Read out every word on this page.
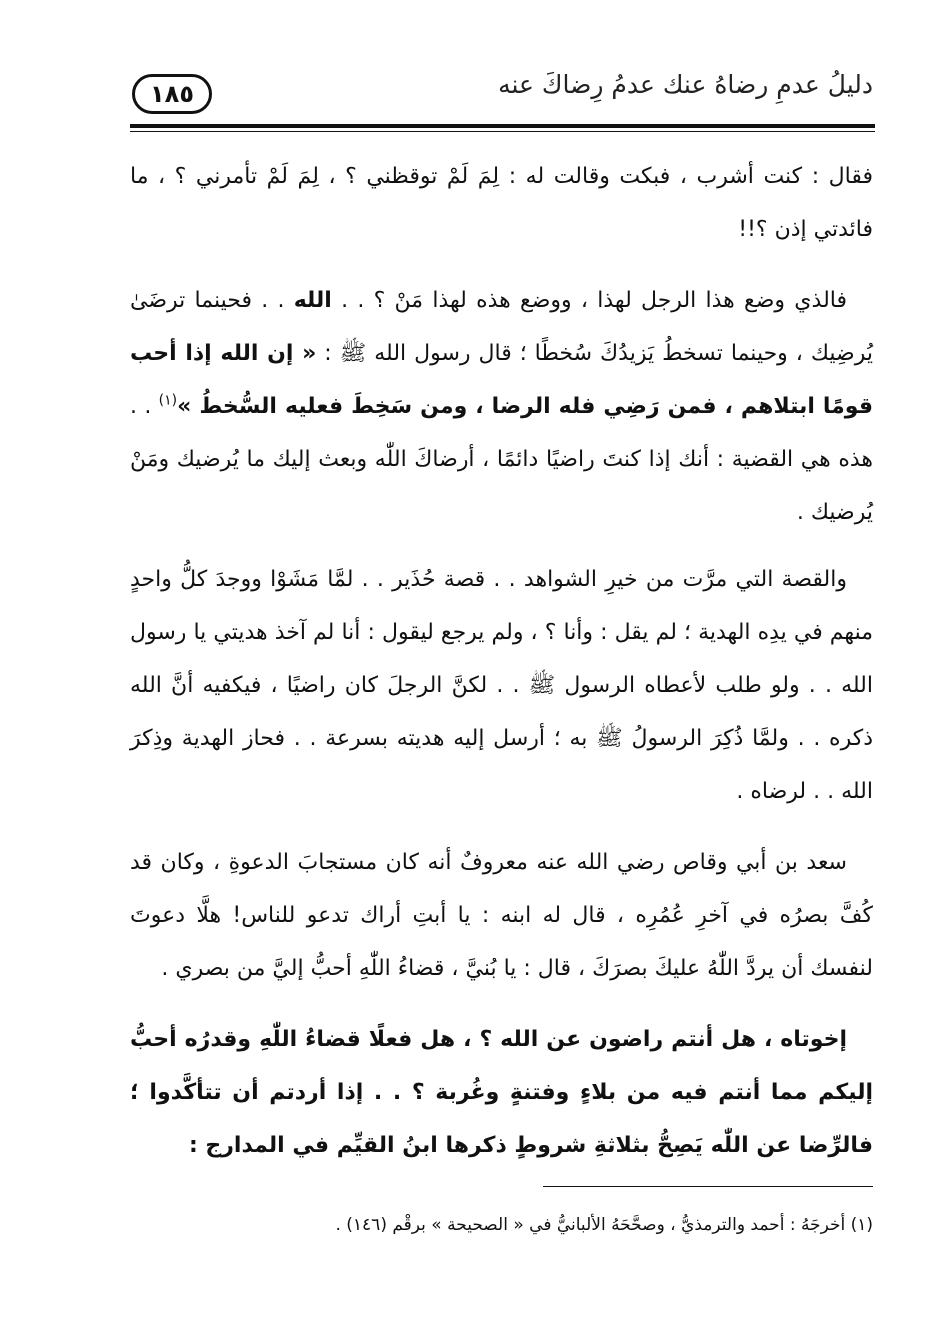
دليلُ عدمِ رضاهُ عنك عدمُ رِضاكَ عنه
١٨٥

فقال : كنت أشرب ، فبكت وقالت له : لِمَ لَمْ توقظني ؟ ، لِمَ لَمْ تأمرني ؟ ، ما فائدتي إذن ؟!!

فالذي وضع هذا الرجل لهذا ، ووضع هذه لهذا مَنْ ؟ . . الله . . فحينما ترضَىٰ يُرضِيك ، وحينما تسخطُ يَزيدُكَ سُخطًا ؛ قال رسول الله ﷺ : « إن الله إذا أحب قومًا ابتلاهم ، فمن رَضِي فله الرضا ، ومن سَخِطَ فعليه السُّخطُ »$^{(١)}$ . . هذه هي القضية : أنك إذا كنتَ راضيًا دائمًا ، أرضاكَ اللّٰه وبعث إليك ما يُرضيك ومَنْ يُرضيك .

والقصة التي مرَّت من خيرِ الشواهد . . قصة حُذَير . . لمَّا مَشَوْا ووجدَ كلُّ واحدٍ منهم في يدِه الهدية ؛ لم يقل : وأنا ؟ ، ولم يرجع ليقول : أنا لم آخذ هديتي يا رسول الله . . ولو طلب لأعطاه الرسول ﷺ . . لكنَّ الرجلَ كان راضيًا ، فيكفيه أنَّ الله ذكره . . ولمَّا ذُكِرَ الرسولُ ﷺ به ؛ أرسل إليه هديته بسرعة . . فحاز الهدية وذِكرَ الله . . لرضاه .

سعد بن أبي وقاص رضي الله عنه معروفٌ أنه كان مستجابَ الدعوةِ ، وكان قد كُفَّ بصرُه في آخرِ عُمُرِه ، قال له ابنه : يا أبتِ أراك تدعو للناس! هلَّا دعوتَ لنفسك أن يردَّ اللّٰهُ عليكَ بصرَكَ ، قال : يا بُنيَّ ، قضاءُ اللّٰهِ أحبُّ إليَّ من بصري .

إخوتاه ، هل أنتم راضون عن الله ؟ ، هل فعلًا قضاءُ اللّٰهِ وقدرُه أحبُّ إليكم مما أنتم فيه من بلاءٍ وفتنةٍ وغُربة ؟ . . إذا أردتم أن تتأكَّدوا ؛ فالرِّضا عن اللّٰه يَصِحُّ بثلاثةِ شروطٍ ذكرها ابنُ القيِّم في المدارج :

(١) أخرجَهُ : أحمد والترمذيُّ ، وصحَّحَهُ الألبانيُّ في « الصحيحة » برقْم (١٤٦) .
